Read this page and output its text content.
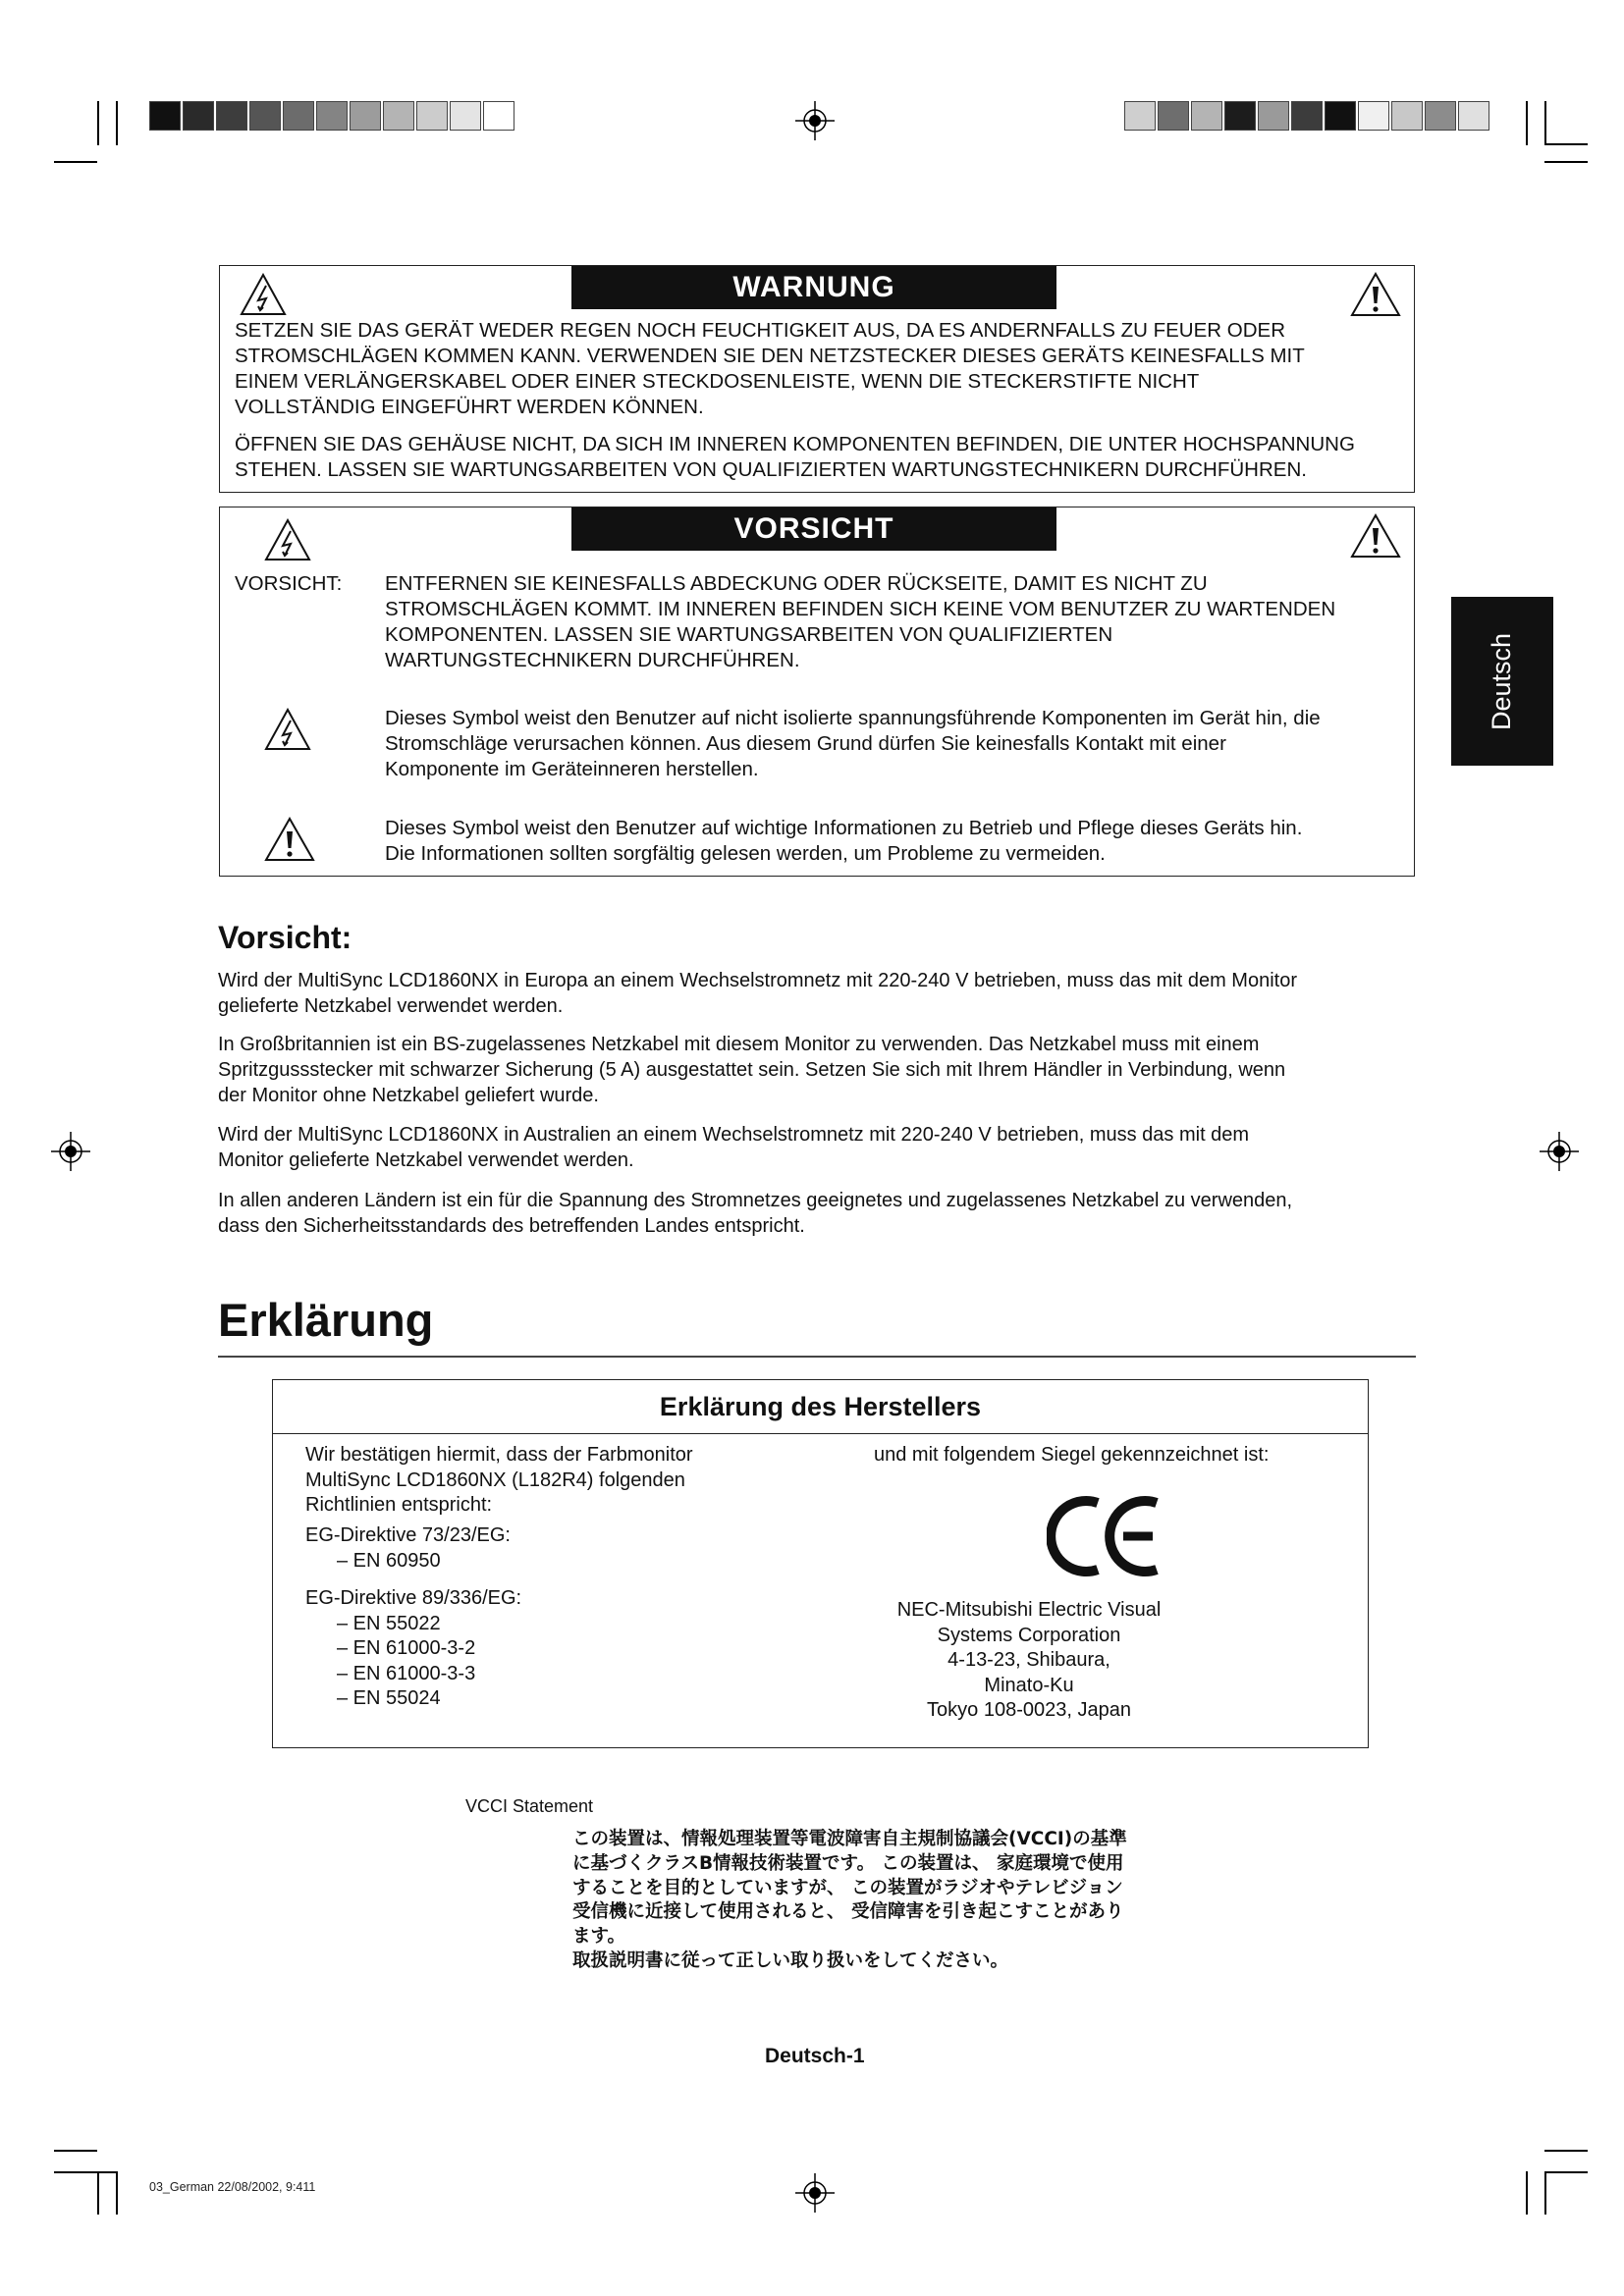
Deutsch
WARNUNG
SETZEN SIE DAS GERÄT WEDER REGEN NOCH FEUCHTIGKEIT AUS, DA ES ANDERNFALLS ZU FEUER ODER
STROMSCHLÄGEN KOMMEN KANN. VERWENDEN SIE DEN NETZSTECKER DIESES GERÄTS KEINESFALLS MIT
EINEM VERLÄNGERSKABEL ODER EINER STECKDOSENLEISTE, WENN DIE STECKERSTIFTE NICHT
VOLLSTÄNDIG EINGEFÜHRT WERDEN KÖNNEN.
ÖFFNEN SIE DAS GEHÄUSE NICHT, DA SICH IM INNEREN KOMPONENTEN BEFINDEN, DIE UNTER HOCHSPANNUNG
STEHEN. LASSEN SIE WARTUNGSARBEITEN VON QUALIFIZIERTEN WARTUNGSTECHNIKERN DURCHFÜHREN.
VORSICHT
VORSICHT: ENTFERNEN SIE KEINESFALLS ABDECKUNG ODER RÜCKSEITE, DAMIT ES NICHT ZU
STROMSCHLÄGEN KOMMT. IM INNEREN BEFINDEN SICH KEINE VOM BENUTZER ZU WARTENDEN
KOMPONENTEN. LASSEN SIE WARTUNGSARBEITEN VON QUALIFIZIERTEN
WARTUNGSTECHNIKERN DURCHFÜHREN.
Dieses Symbol weist den Benutzer auf nicht isolierte spannungsführende Komponenten im Gerät hin, die
Stromschläge verursachen können. Aus diesem Grund dürfen Sie keinesfalls Kontakt mit einer
Komponente im Geräteinneren herstellen.
Dieses Symbol weist den Benutzer auf wichtige Informationen zu Betrieb und Pflege dieses Geräts hin.
Die Informationen sollten sorgfältig gelesen werden, um Probleme zu vermeiden.
Vorsicht:
Wird der MultiSync LCD1860NX in Europa an einem Wechselstromnetz mit 220-240 V betrieben, muss das mit dem Monitor
gelieferte Netzkabel verwendet werden.
In Großbritannien ist ein BS-zugelassenes Netzkabel mit diesem Monitor zu verwenden. Das Netzkabel muss mit einem
Spritzgussstecker mit schwarzer Sicherung (5 A) ausgestattet sein. Setzen Sie sich mit Ihrem Händler in Verbindung, wenn
der Monitor ohne Netzkabel geliefert wurde.
Wird der MultiSync LCD1860NX in Australien an einem Wechselstromnetz mit 220-240 V betrieben, muss das mit dem
Monitor gelieferte Netzkabel verwendet werden.
In allen anderen Ländern ist ein für die Spannung des Stromnetzes geeignetes und zugelassenes Netzkabel zu verwenden,
dass den Sicherheitsstandards des betreffenden Landes entspricht.
Erklärung
Erklärung des Herstellers
Wir bestätigen hiermit, dass der Farbmonitor
MultiSync LCD1860NX (L182R4) folgenden
Richtlinien entspricht:
EG-Direktive 73/23/EG:
– EN 60950
EG-Direktive 89/336/EG:
– EN 55022
– EN 61000-3-2
– EN 61000-3-3
– EN 55024
und mit folgendem Siegel gekennzeichnet ist:
NEC-Mitsubishi Electric Visual
Systems Corporation
4-13-23, Shibaura,
Minato-Ku
Tokyo 108-0023, Japan
VCCI Statement
この装置は、情報処理装置等電波障害自主規制協議会(VCCI)の基準
に基づくクラスB情報技術装置です。 この装置は、 家庭環境で使用
することを目的としていますが、 この装置がラジオやテレビジョン
受信機に近接して使用されると、 受信障害を引き起こすことがあり
ます。
取扱説明書に従って正しい取り扱いをしてください。
Deutsch-1
03_German 22/08/2002, 9:411
